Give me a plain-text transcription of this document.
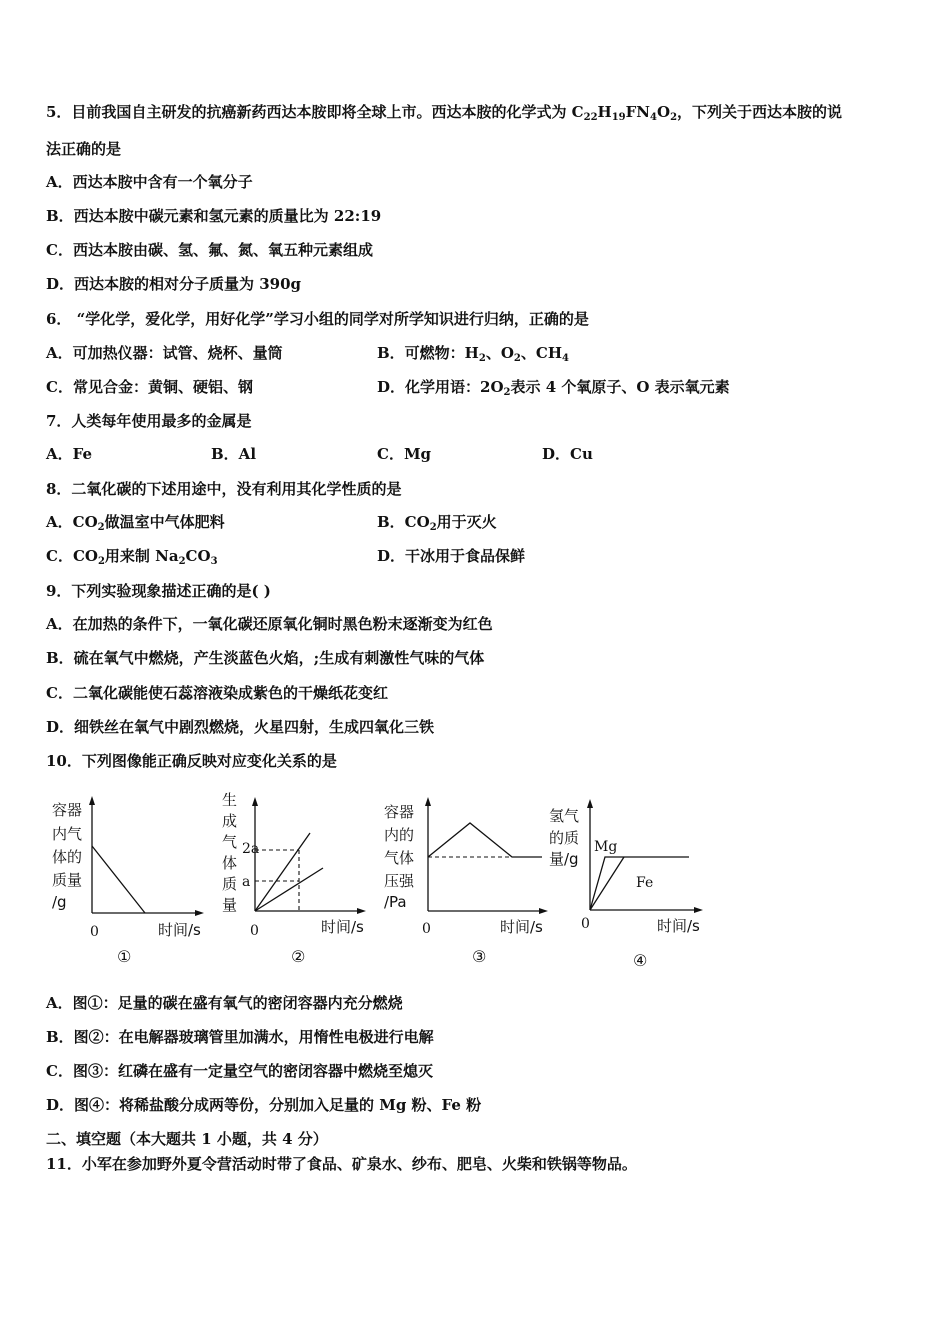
5．目前我国自主研发的抗癌新药西达本胺即将全球上市。西达本胺的化学式为 $C_{22}H_{19}FN_4O_2$，下列关于西达本胺的说
法正确的是
A．西达本胺中含有一个氧分子
B．西达本胺中碳元素和氢元素的质量比为 22:19
C．西达本胺由碳、氢、氟、氮、氧五种元素组成
D．西达本胺的相对分子质量为 390g
6． “学化学，爱化学，用好化学”学习小组的同学对所学知识进行归纳，正确的是
A．可加热仪器：试管、烧杯、量筒	B．可燃物：$H_2$、$O_2$、$CH_4$
C．常见合金：黄铜、硬铝、钢	D．化学用语：$2O_2$表示 4 个氧原子、O 表示氧元素
7．人类每年使用最多的金属是
A．Fe	B．Al	C．Mg	D．Cu
8．二氧化碳的下述用途中，没有利用其化学性质的是
A．$CO_2$做温室中气体肥料	B．$CO_2$用于灭火
C．$CO_2$用来制 $Na_2CO_3$	D．干冰用于食品保鲜
9．下列实验现象描述正确的是( )
A．在加热的条件下，一氧化碳还原氧化铜时黑色粉末逐渐变为红色
B．硫在氧气中燃烧，产生淡蓝色火焰，;生成有刺激性气味的气体
C．二氧化碳能使石蕊溶液染成紫色的干燥纸花变红
D．细铁丝在氧气中剧烈燃烧，火星四射，生成四氧化三铁
10．下列图像能正确反映对应变化关系的是
容器
内气
体的
质量
/g
0	时间/s
生
成
气
体
质
量
2a
a
0	时间/s
容器
内的
气体
压强
/Pa
0	时间/s
氢气
的质
量/g
Mg
Fe
0	时间/s
①	②	③	④
A．图①：足量的碳在盛有氧气的密闭容器内充分燃烧
B．图②：在电解器玻璃管里加满水，用惰性电极进行电解
C．图③：红磷在盛有一定量空气的密闭容器中燃烧至熄灭
D．图④：将稀盐酸分成两等份，分别加入足量的 Mg 粉、Fe 粉
二、填空题（本大题共 1 小题，共 4 分）
11．小军在参加野外夏令营活动时带了食品、矿泉水、纱布、肥皂、火柴和铁锅等物品。
